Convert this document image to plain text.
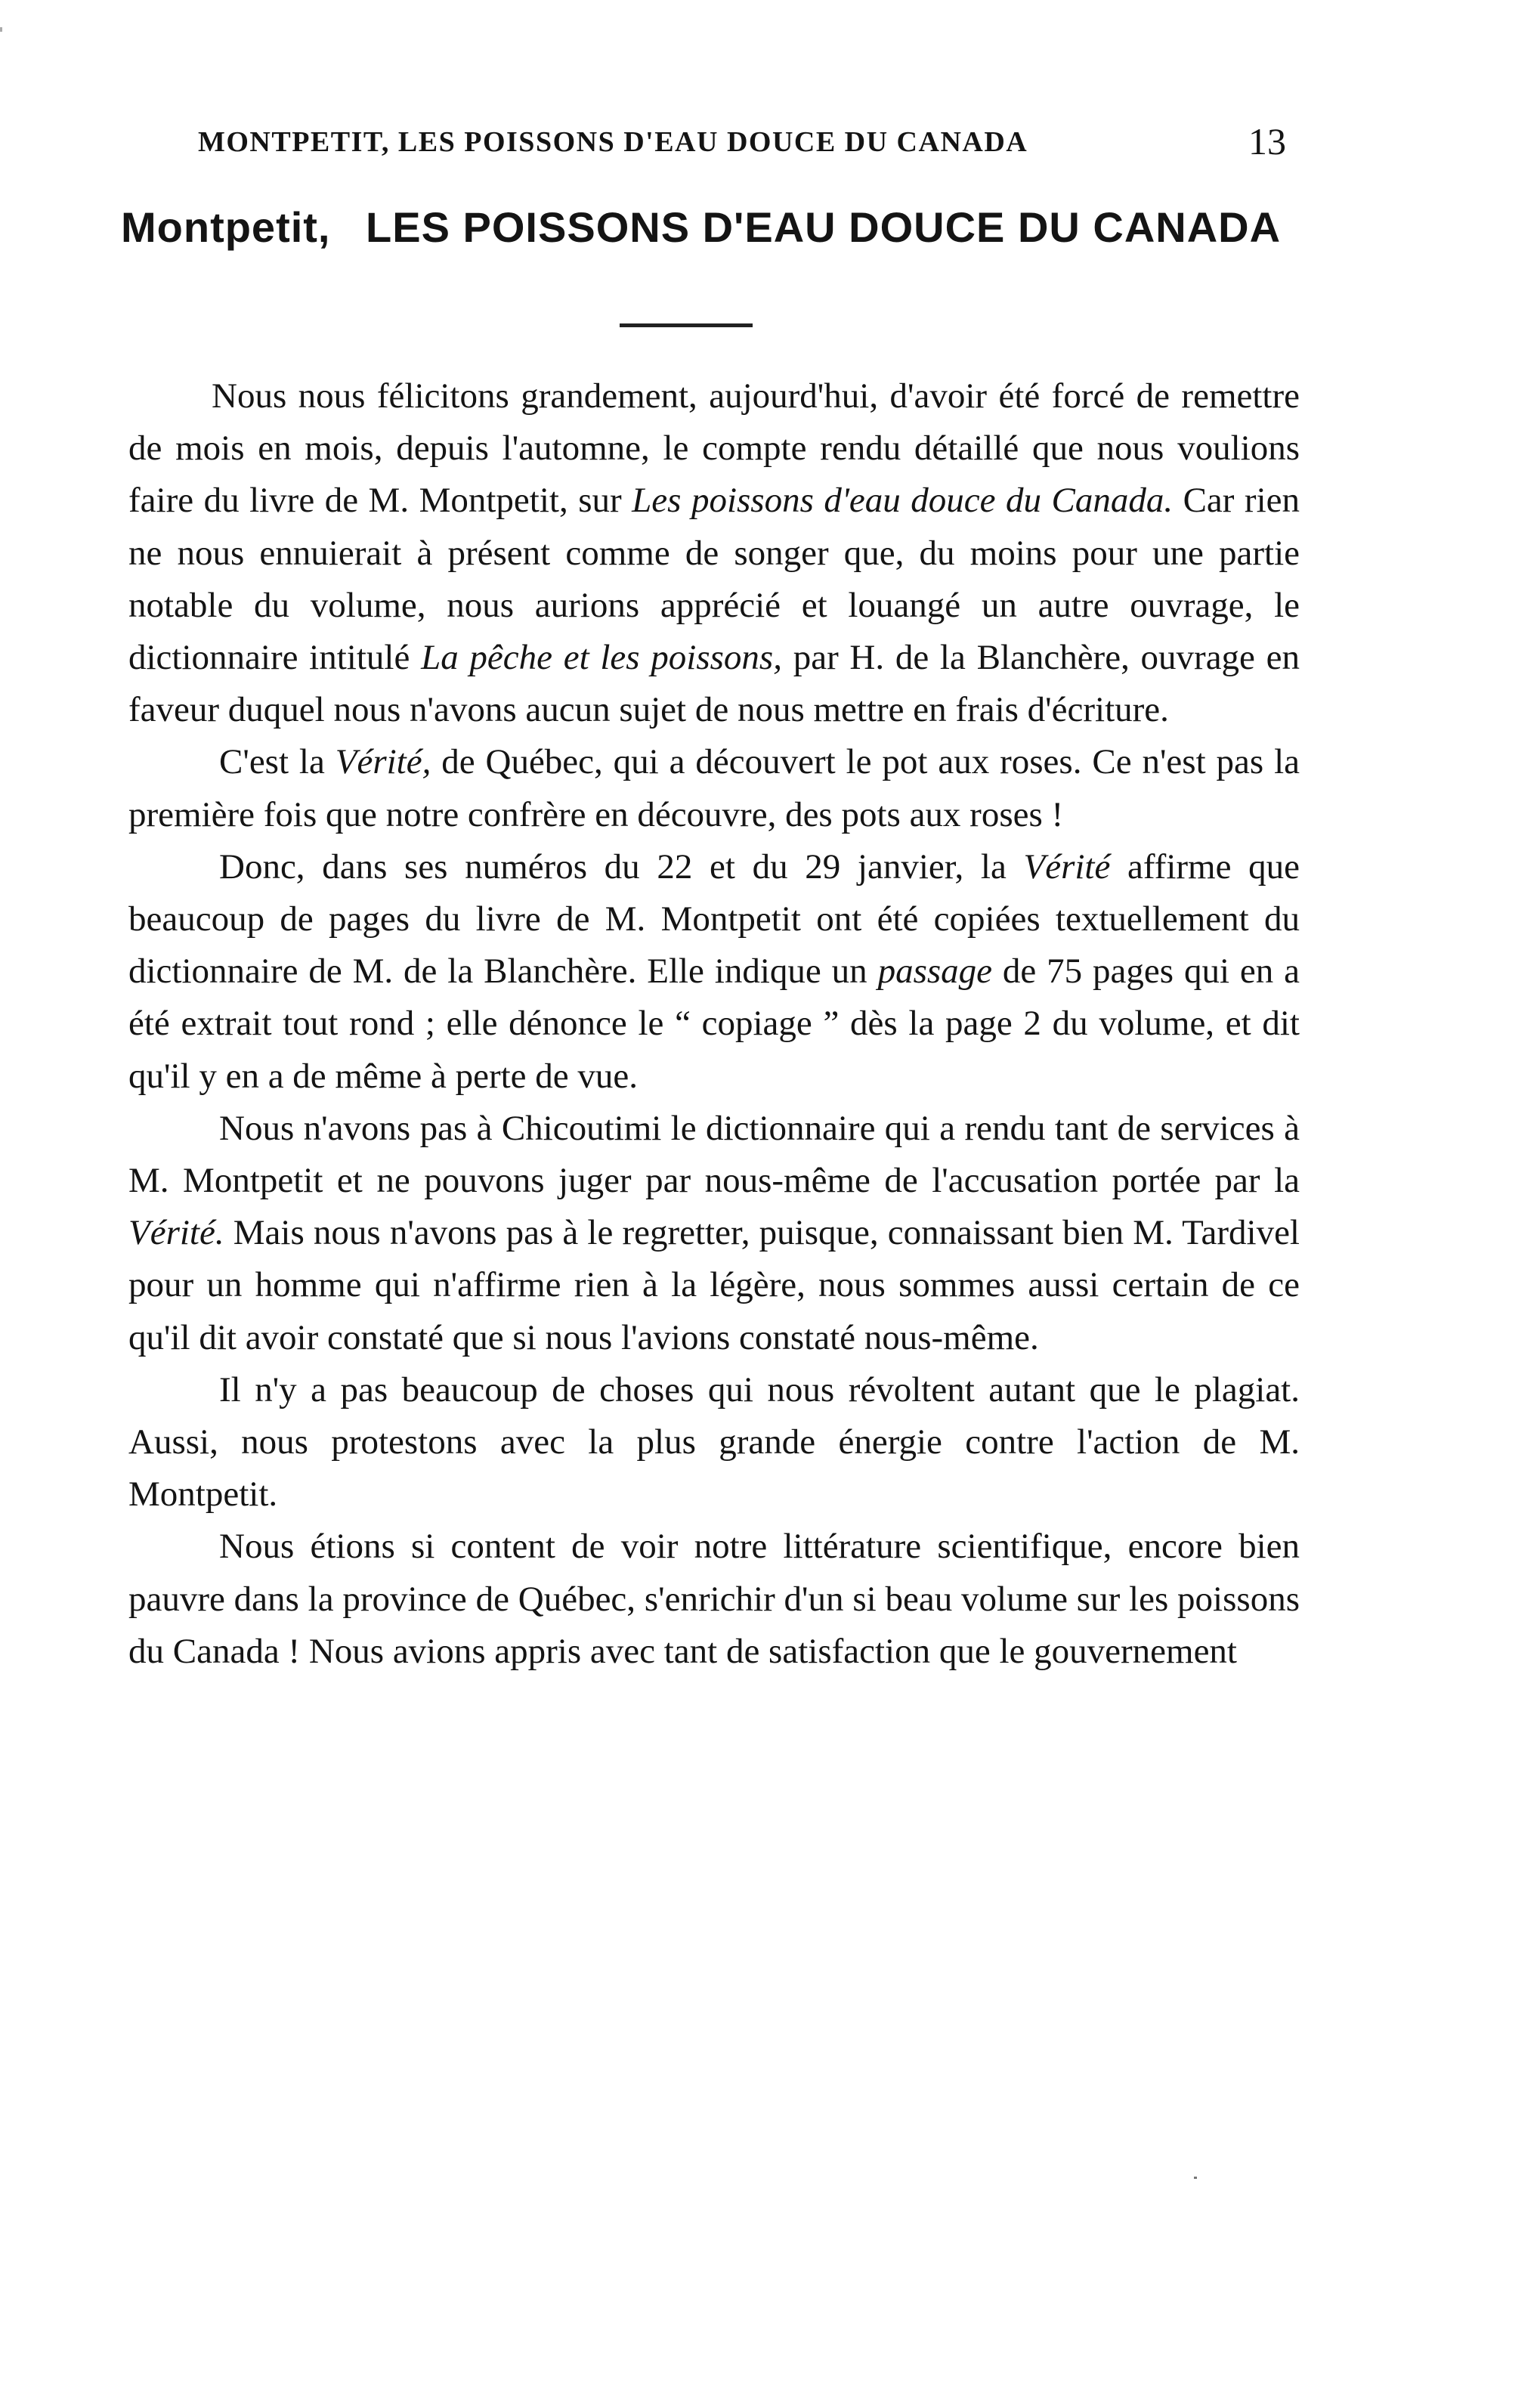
MONTPETIT, LES POISSONS D'EAU DOUCE DU CANADA	13
Montpetit, LES POISSONS D'EAU DOUCE DU CANADA

Nous nous félicitons grandement, aujourd'hui, d'avoir été forcé de remettre de mois en mois, depuis l'automne, le compte rendu détaillé que nous voulions faire du livre de M. Montpetit, sur Les poissons d'eau douce du Canada. Car rien ne nous ennuierait à présent comme de songer que, du moins pour une partie notable du volume, nous aurions apprécié et louangé un autre ouvrage, le dictionnaire intitulé La pêche et les poissons, par H. de la Blanchère, ouvrage en faveur duquel nous n'avons aucun sujet de nous mettre en frais d'écriture.

C'est la Vérité, de Québec, qui a découvert le pot aux roses. Ce n'est pas la première fois que notre confrère en découvre, des pots aux roses !

Donc, dans ses numéros du 22 et du 29 janvier, la Vérité affirme que beaucoup de pages du livre de M. Montpetit ont été copiées textuellement du dictionnaire de M. de la Blanchère. Elle indique un passage de 75 pages qui en a été extrait tout rond ; elle dénonce le “ copiage ” dès la page 2 du volume, et dit qu'il y en a de même à perte de vue.

Nous n'avons pas à Chicoutimi le dictionnaire qui a rendu tant de services à M. Montpetit et ne pouvons juger par nous-même de l'accusation portée par la Vérité. Mais nous n'avons pas à le regretter, puisque, connaissant bien M. Tardivel pour un homme qui n'affirme rien à la légère, nous sommes aussi certain de ce qu'il dit avoir constaté que si nous l'avions constaté nous-même.

Il n'y a pas beaucoup de choses qui nous révoltent autant que le plagiat. Aussi, nous protestons avec la plus grande énergie contre l'action de M. Montpetit.

Nous étions si content de voir notre littérature scientifique, encore bien pauvre dans la province de Québec, s'enrichir d'un si beau volume sur les poissons du Canada ! Nous avions appris avec tant de satisfaction que le gouvernement
